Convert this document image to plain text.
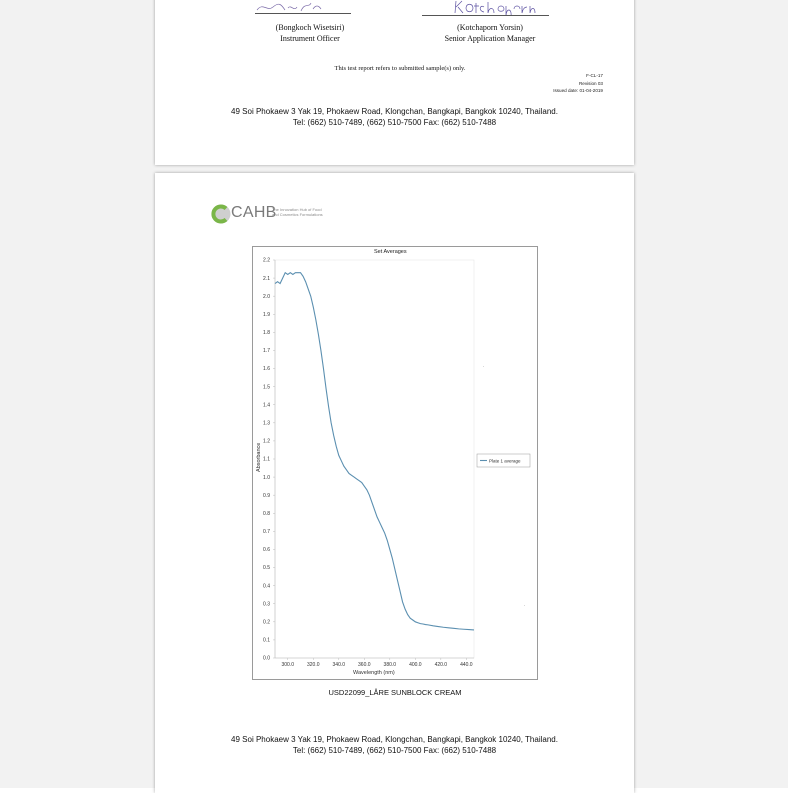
(Bongkoch Wisetsiri)
Instrument Officer
(Kotchaporn Yorsin)
Senior Application Manager
This test report refers to submitted sample(s) only.
F-CL-17
Revision 03
Issued date: 01-04-2019
49 Soi Phokaew 3 Yak 19, Phokaew Road, Klongchan, Bangkapi, Bangkok 10240, Thailand.
Tel: (662) 510-7489, (662) 510-7500 Fax: (662) 510-7488
CAHB
The Innovation Hub of Food
and Cosmetics Formulations
Set Averages
0.0
0.1
0.2
0.3
0.4
0.5
0.6
0.7
0.8
0.9
1.0
1.1
1.2
1.3
1.4
1.5
1.6
1.7
1.8
1.9
2.0
2.1
2.2
300.0	320.0	340.0	360.0	380.0	400.0	420.0	440.0
Wavelength (nm)
Absorbance	Plate 1 average
USD22099_LÅRE SUNBLOCK CREAM
49 Soi Phokaew 3 Yak 19, Phokaew Road, Klongchan, Bangkapi, Bangkok 10240, Thailand.
Tel: (662) 510-7489, (662) 510-7500 Fax: (662) 510-7488
